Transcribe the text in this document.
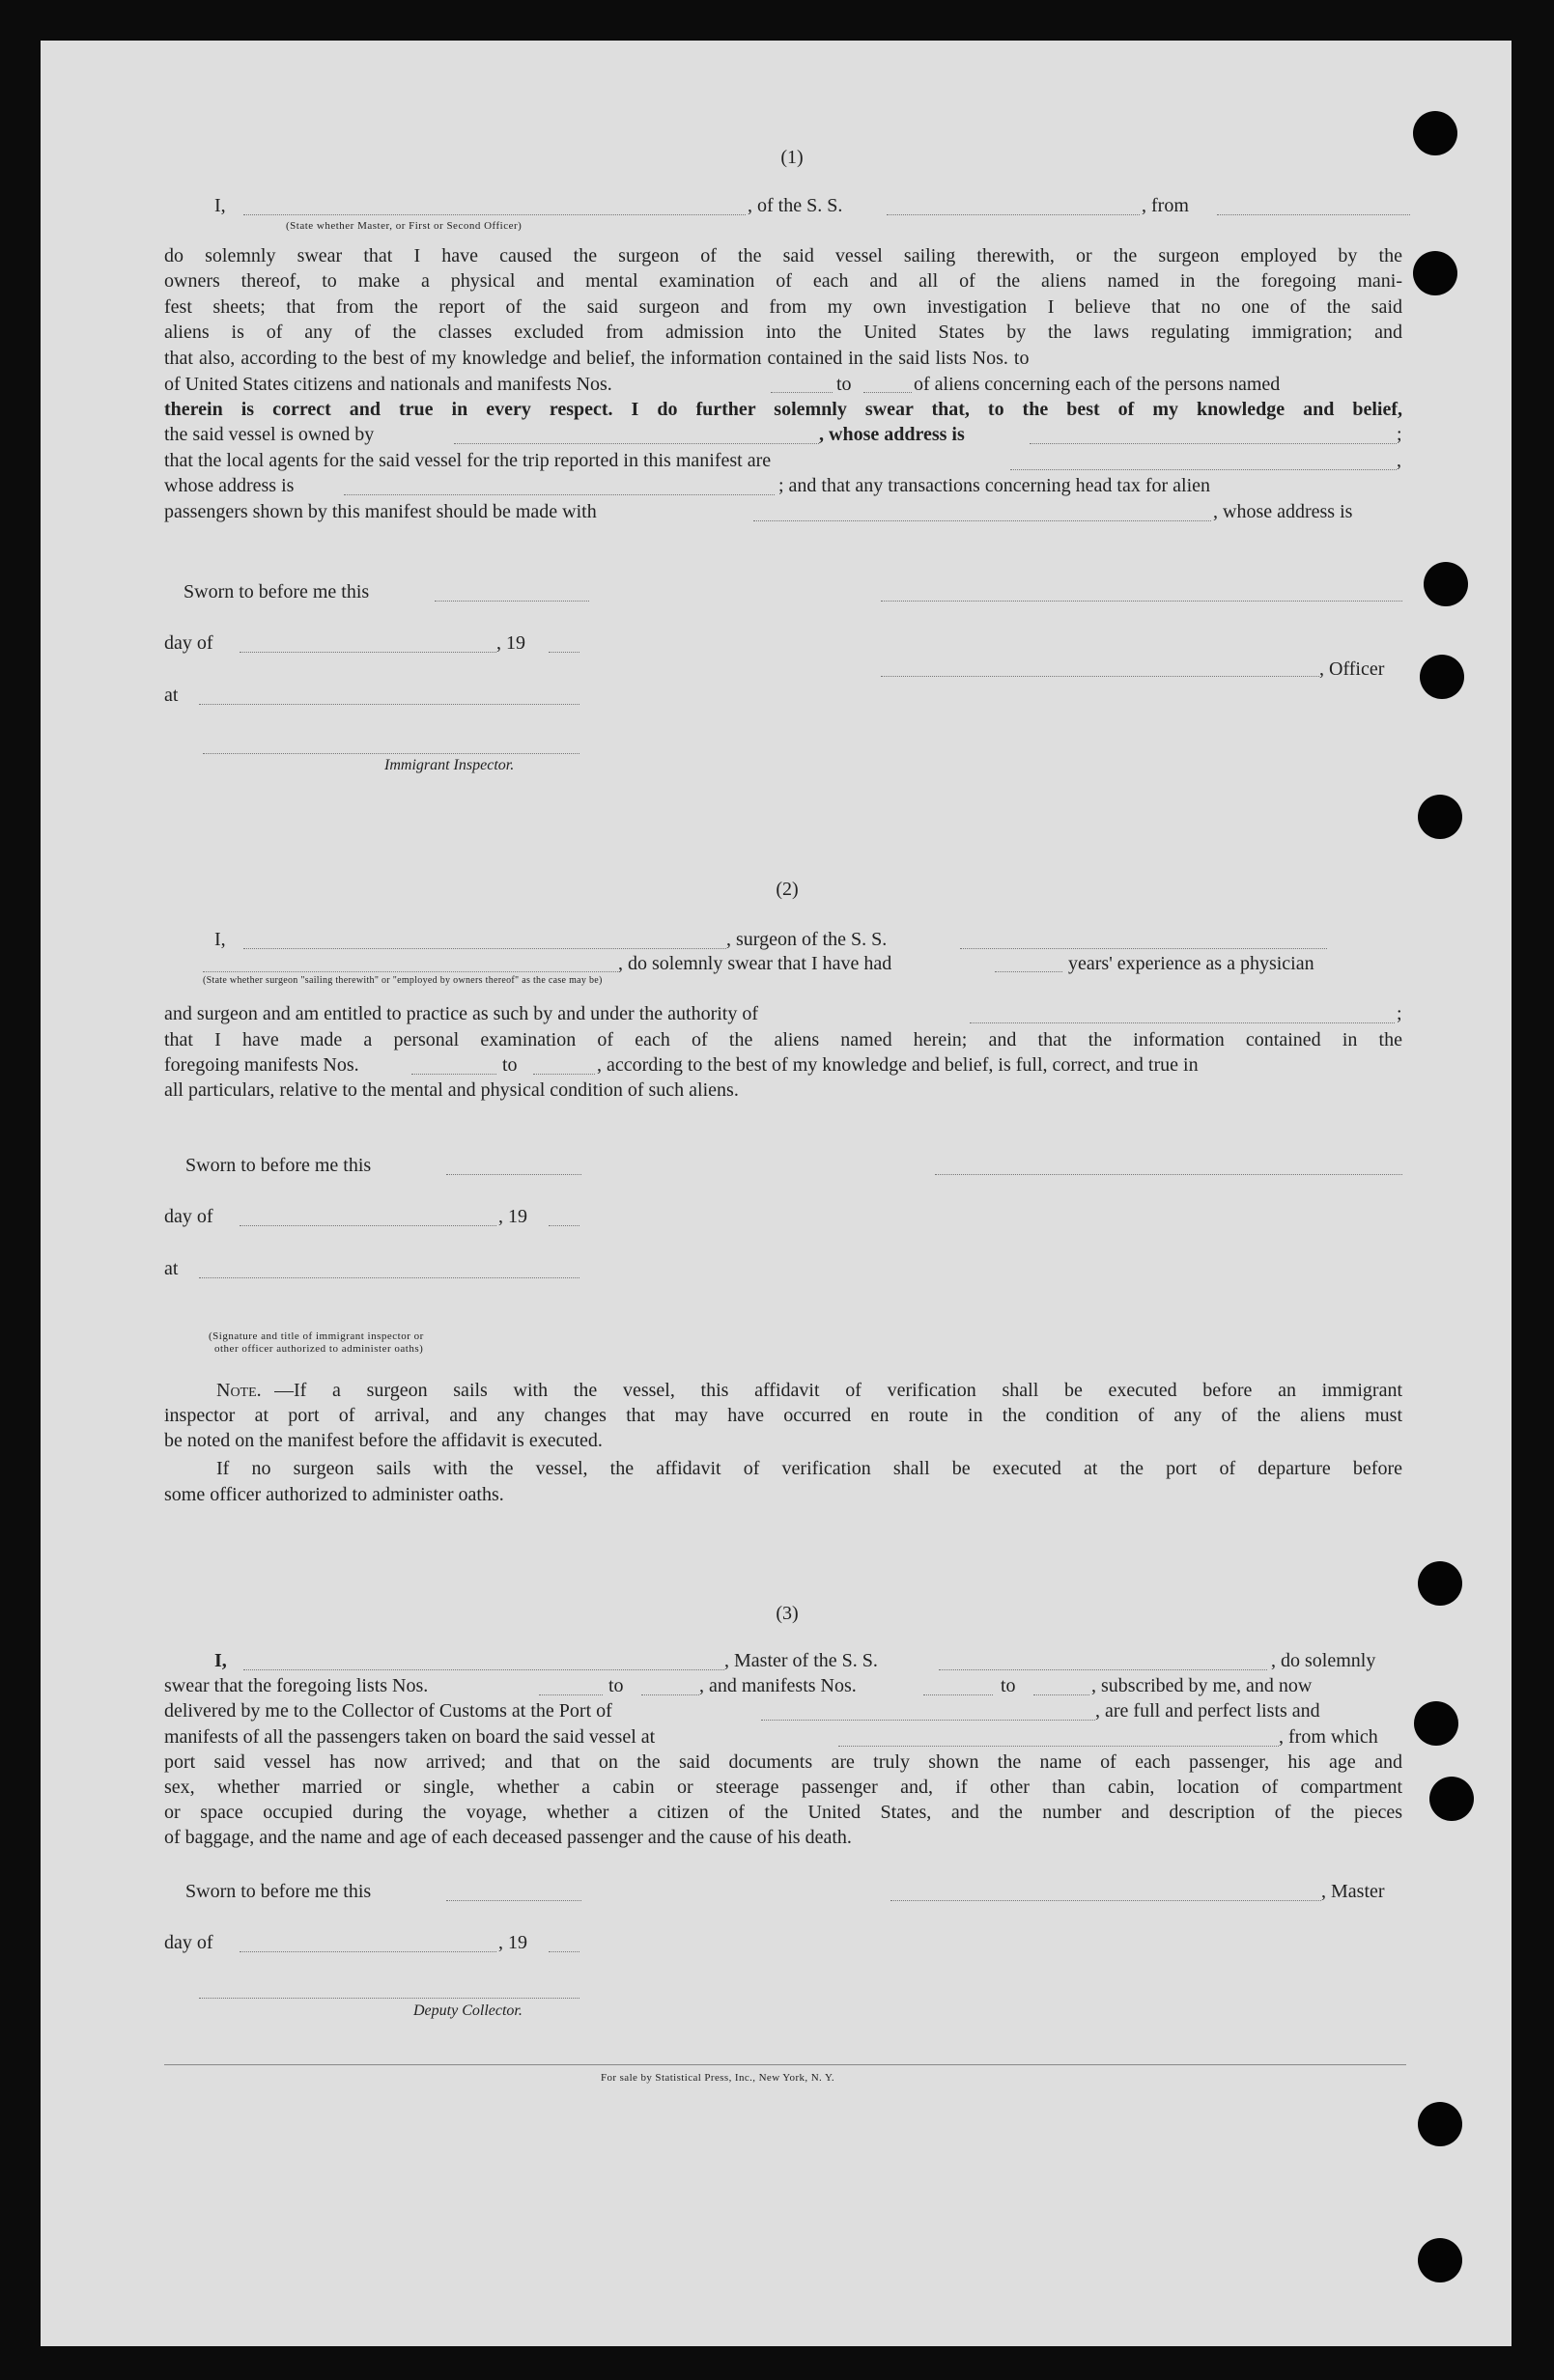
(1)
I,	, of the S. S.	, from
(State whether Master, or First or Second Officer)
do solemnly swear that I have caused the surgeon of the said vessel sailing therewith, or the surgeon employed by the
owners thereof, to make a physical and mental examination of each and all of the aliens named in the foregoing mani-
fest sheets; that from the report of the said surgeon and from my own investigation I believe that no one of the said
aliens is of any of the classes excluded from admission into the United States by the laws regulating immigration; and
that also, according to the best of my knowledge and belief, the information contained in the said lists Nos. to
of United States citizens and nationals and manifests Nos.	to	of aliens concerning each of the persons named
therein is correct and true in every respect. I do further solemnly swear that, to the best of my knowledge and belief,
the said vessel is owned by	, whose address is	;
that the local agents for the said vessel for the trip reported in this manifest are	,
whose address is	; and that any transactions concerning head tax for alien
passengers shown by this manifest should be made with	, whose address is
Sworn to before me this
day of	, 19
, Officer
at
Immigrant Inspector.
(2)
I,	, surgeon of the S. S.
, do solemnly swear that I have had	years' experience as a physician
(State whether surgeon "sailing therewith" or "employed by owners thereof" as the case may be)
and surgeon and am entitled to practice as such by and under the authority of	;
that I have made a personal examination of each of the aliens named herein; and that the information contained in the
foregoing manifests Nos.	to	, according to the best of my knowledge and belief, is full, correct, and true in
all particulars, relative to the mental and physical condition of such aliens.
Sworn to before me this
day of	, 19
at
(Signature and title of immigrant inspector or
other officer authorized to administer oaths)
Note. —If a surgeon sails with the vessel, this affidavit of verification shall be executed before an immigrant
inspector at port of arrival, and any changes that may have occurred en route in the condition of any of the aliens must
be noted on the manifest before the affidavit is executed.
If no surgeon sails with the vessel, the affidavit of verification shall be executed at the port of departure before
some officer authorized to administer oaths.
(3)
I,	, Master of the S. S.	, do solemnly
swear that the foregoing lists Nos.	to	, and manifests Nos.	to	, subscribed by me, and now
delivered by me to the Collector of Customs at the Port of	, are full and perfect lists and
manifests of all the passengers taken on board the said vessel at	, from which
port said vessel has now arrived; and that on the said documents are truly shown the name of each passenger, his age and
sex, whether married or single, whether a cabin or steerage passenger and, if other than cabin, location of compartment
or space occupied during the voyage, whether a citizen of the United States, and the number and description of the pieces
of baggage, and the name and age of each deceased passenger and the cause of his death.
Sworn to before me this	, Master
day of	, 19
Deputy Collector.
For sale by Statistical Press, Inc., New York, N. Y.
